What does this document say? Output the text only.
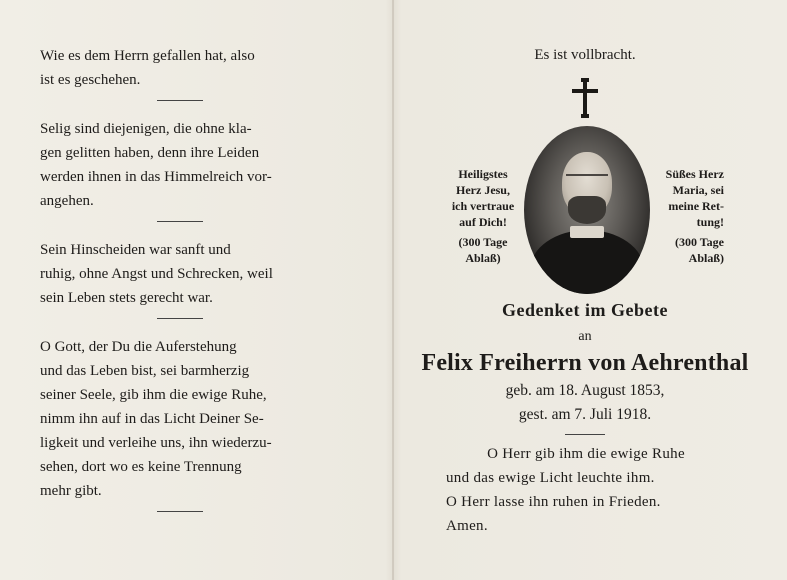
Wie es dem Herrn gefallen hat, also
ist es geschehen.
Selig sind diejenigen, die ohne kla-
gen gelitten haben, denn ihre Leiden
werden ihnen in das Himmelreich vor-
angehen.
Sein Hinscheiden war sanft und
ruhig, ohne Angst und Schrecken, weil
sein Leben stets gerecht war.
O Gott, der Du die Auferstehung
und das Leben bist, sei barmherzig
seiner Seele, gib ihm die ewige Ruhe,
nimm ihn auf in das Licht Deiner Se-
ligkeit und verleihe uns, ihn wiederzu-
sehen, dort wo es keine Trennung
mehr gibt.
Es ist vollbracht.
Heiligstes
Herz Jesu,
ich vertraue
auf Dich!
(300 Tage
Ablaß)
Süßes Herz
Maria, sei
meine Ret-
tung!
(300 Tage
Ablaß)
Gedenket im Gebete
an
Felix Freiherrn von Aehrenthal
geb. am 18. August 1853,
gest. am 7. Juli 1918.
O Herr gib ihm die ewige Ruhe
und das ewige Licht leuchte ihm.
O Herr lasse ihn ruhen in Frieden.
Amen.
